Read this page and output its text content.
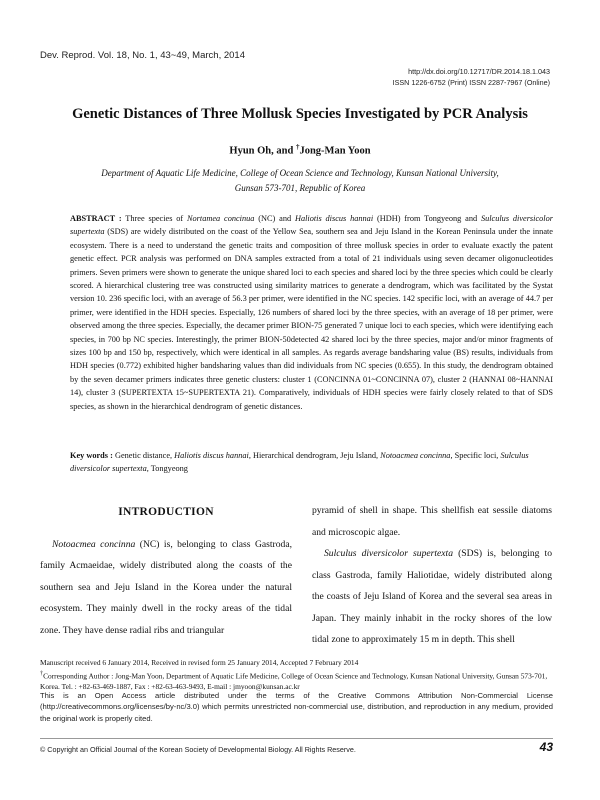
Dev. Reprod. Vol. 18, No. 1, 43~49, March, 2014
http://dx.doi.org/10.12717/DR.2014.18.1.043
ISSN 1226-6752 (Print) ISSN 2287-7967 (Online)
Genetic Distances of Three Mollusk Species Investigated by PCR Analysis
Hyun Oh, and †Jong-Man Yoon
Department of Aquatic Life Medicine, College of Ocean Science and Technology, Kunsan National University,
Gunsan 573-701, Republic of Korea

ABSTRACT : Three species of Nortamea concinua (NC) and Haliotis discus hannai (HDH) from Tongyeong and Sulculus diversicolor supertexta (SDS) are widely distributed on the coast of the Yellow Sea, southern sea and Jeju Island in the Korean Peninsula under the innate ecosystem. There is a need to understand the genetic traits and composition of three mollusk species in order to evaluate exactly the patent genetic effect. PCR analysis was performed on DNA samples extracted from a total of 21 individuals using seven decamer oligonucleotides primers. Seven primers were shown to generate the unique shared loci to each species and shared loci by the three species which could be clearly scored. A hierarchical clustering tree was constructed using similarity matrices to generate a dendrogram, which was facilitated by the Systat version 10. 236 specific loci, with an average of 56.3 per primer, were identified in the NC species. 142 specific loci, with an average of 44.7 per primer, were identified in the HDH species. Especially, 126 numbers of shared loci by the three species, with an average of 18 per primer, were observed among the three species. Especially, the decamer primer BION-75 generated 7 unique loci to each species, which were identifying each species, in 700 bp NC species. Interestingly, the primer BION-50detected 42 shared loci by the three species, major and/or minor fragments of sizes 100 bp and 150 bp, respectively, which were identical in all samples. As regards average bandsharing value (BS) results, individuals from HDH species (0.772) exhibited higher bandsharing values than did individuals from NC species (0.655). In this study, the dendrogram obtained by the seven decamer primers indicates three genetic clusters: cluster 1 (CONCINNA 01~CONCINNA 07), cluster 2 (HANNAI 08~HANNAI 14), cluster 3 (SUPERTEXTA 15~SUPERTEXTA 21). Comparatively, individuals of HDH species were fairly closely related to that of SDS species, as shown in the hierarchical dendrogram of genetic distances.

Key words : Genetic distance, Haliotis discus hannai, Hierarchical dendrogram, Jeju Island, Notoacmea concinna, Specific loci, Sulculus diversicolor supertexta, Tongyeong

INTRODUCTION

Notoacmea concinna (NC) is, belonging to class Gastroda, family Acmaeidae, widely distributed along the coasts of the southern sea and Jeju Island in the Korea under the natural ecosystem. They mainly dwell in the rocky areas of the tidal zone. They have dense radial ribs and triangular

pyramid of shell in shape. This shellfish eat sessile diatoms and microscopic algae.

Sulculus diversicolor supertexta (SDS) is, belonging to class Gastroda, family Haliotidae, widely distributed along the coasts of Jeju Island of Korea and the several sea areas in Japan. They mainly inhabit in the rocky shores of the low tidal zone to approximately 15 m in depth. This shell

Manuscript received 6 January 2014, Received in revised form 25 January 2014, Accepted 7 February 2014
†Corresponding Author : Jong-Man Yoon, Department of Aquatic Life Medicine, College of Ocean Science and Technology, Kunsan National University, Gunsan 573-701, Korea. Tel. : +82-63-469-1887, Fax : +82-63-463-9493, E-mail : jmyoon@kunsan.ac.kr
This is an Open Access article distributed under the terms of the Creative Commons Attribution Non-Commercial License (http://creativecommons.org/licenses/by-nc/3.0) which permits unrestricted non-commercial use, distribution, and reproduction in any medium, provided the original work is properly cited.
© Copyright an Official Journal of the Korean Society of Developmental Biology. All Rights Reserve.	43
